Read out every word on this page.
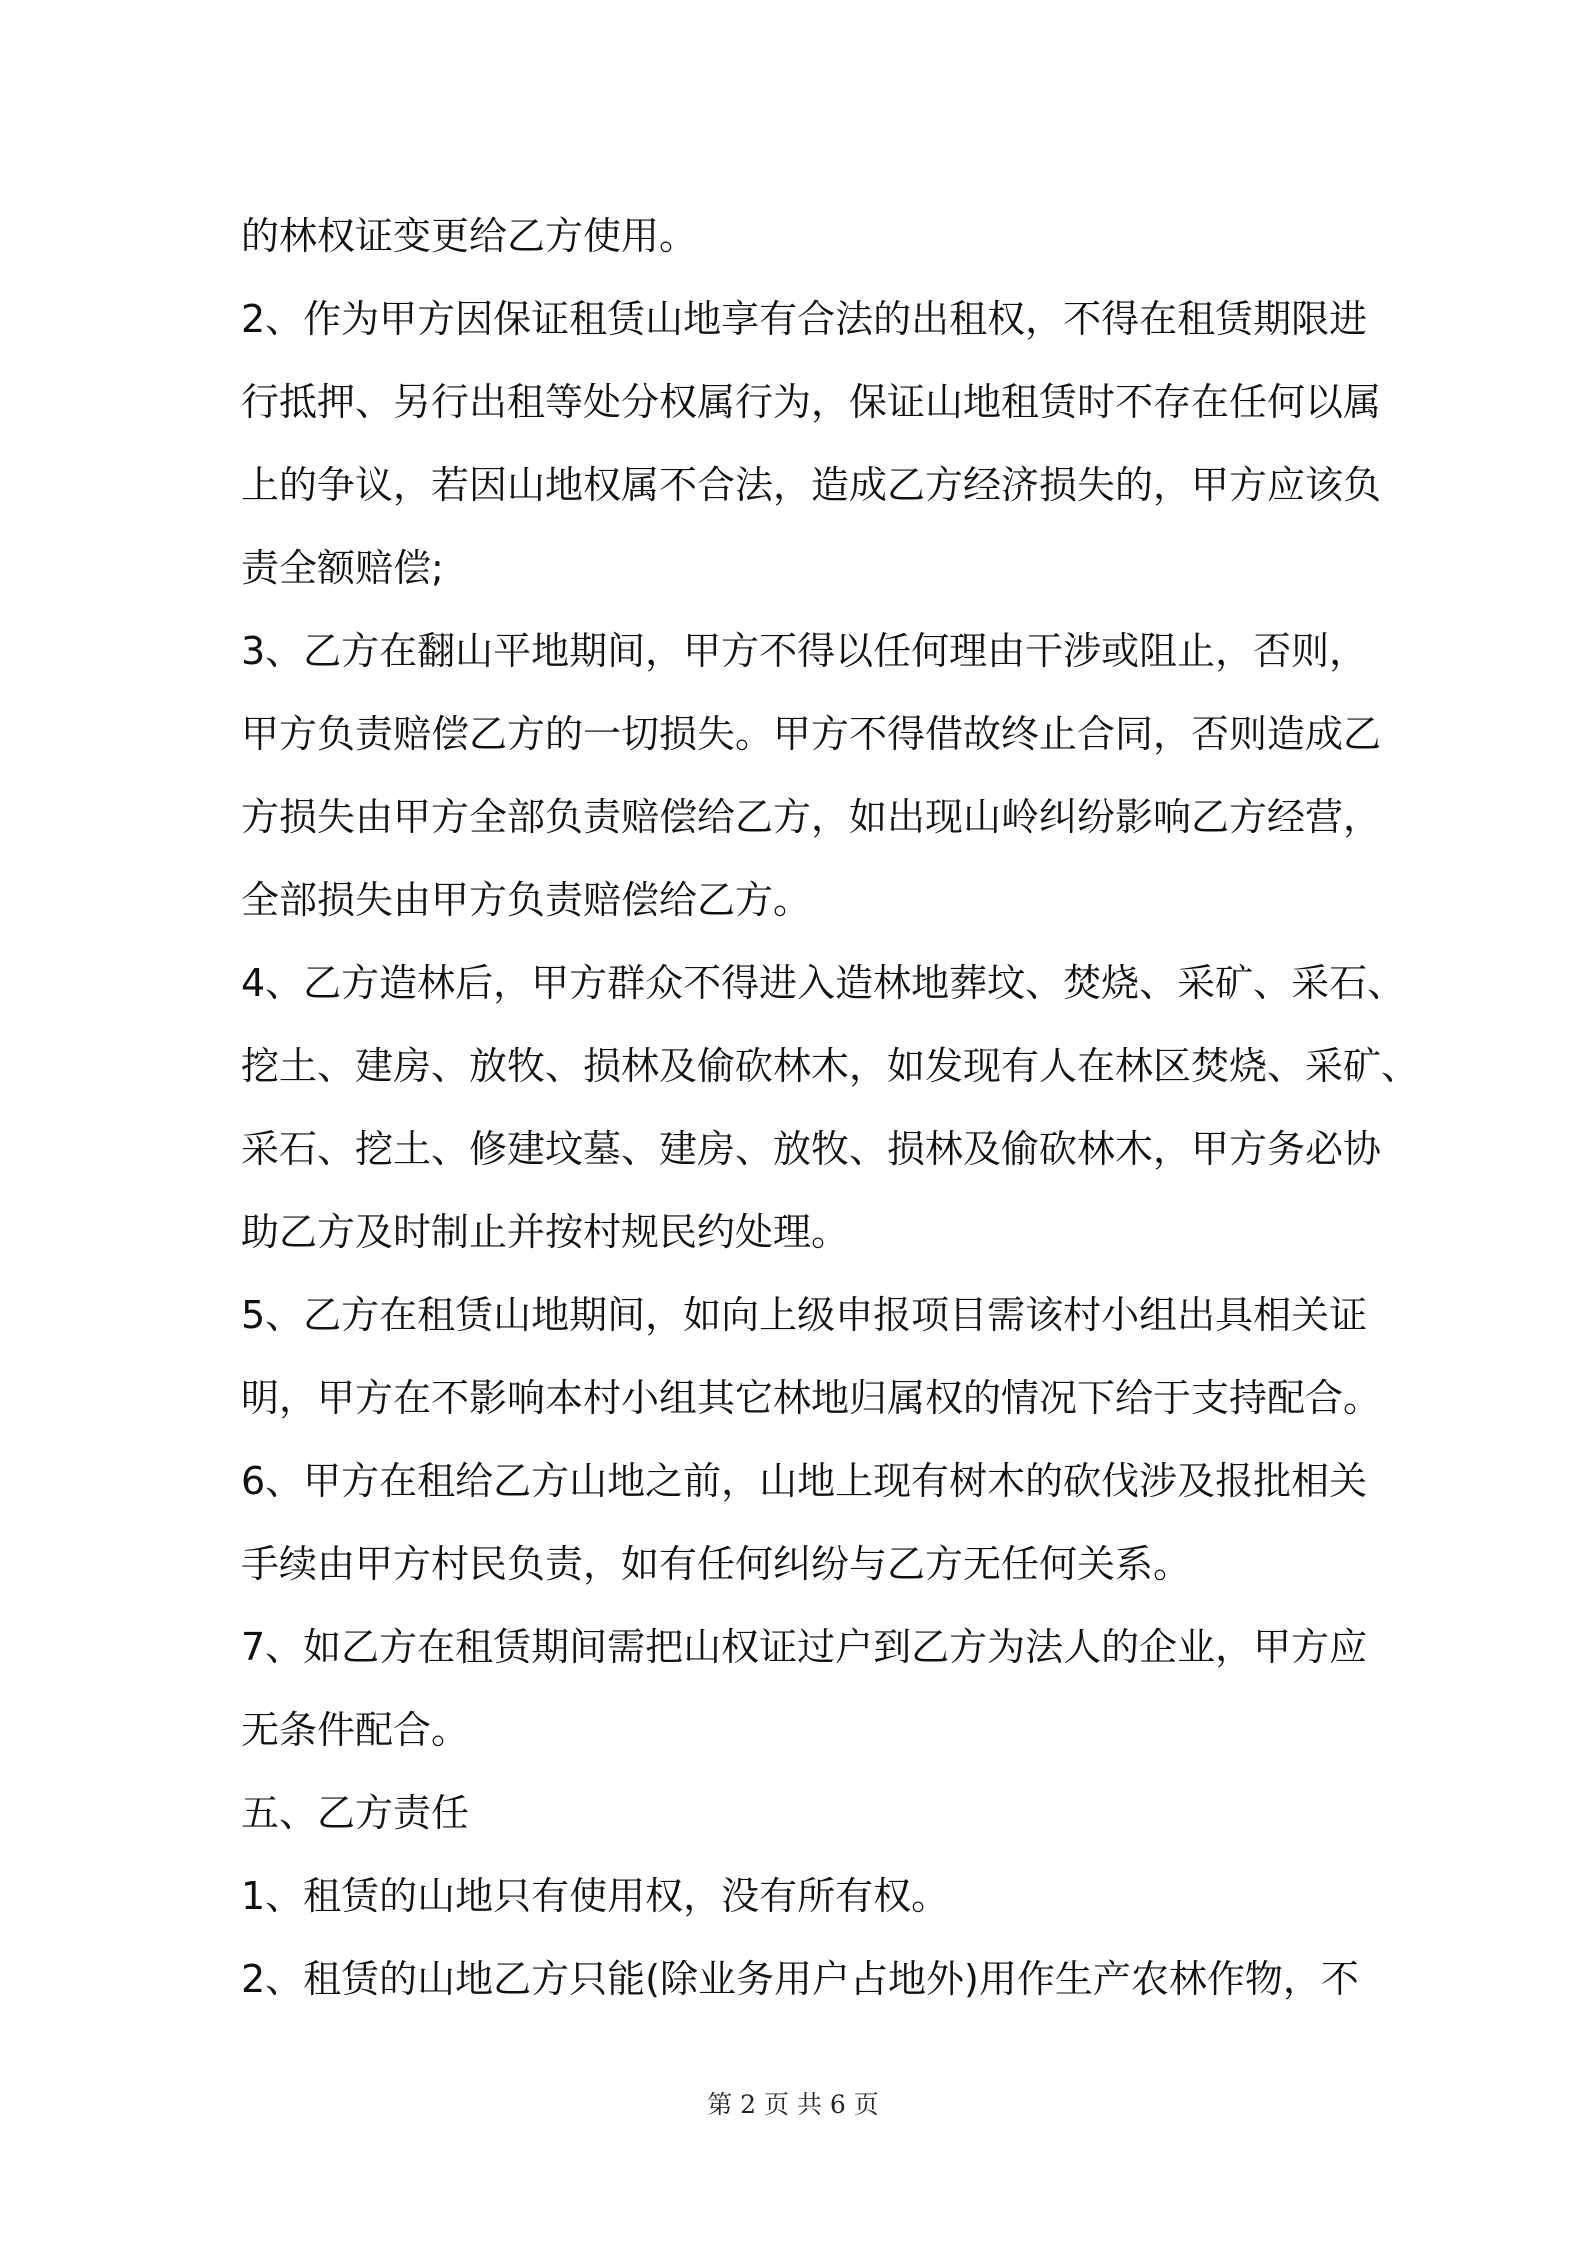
的林权证变更给乙方使用。
2、作为甲方因保证租赁山地享有合法的出租权，不得在租赁期限进
行抵押、另行出租等处分权属行为，保证山地租赁时不存在任何以属
上的争议，若因山地权属不合法，造成乙方经济损失的，甲方应该负
责全额赔偿;
3、乙方在翻山平地期间，甲方不得以任何理由干涉或阻止，否则，
甲方负责赔偿乙方的一切损失。甲方不得借故终止合同，否则造成乙
方损失由甲方全部负责赔偿给乙方，如出现山岭纠纷影响乙方经营，
全部损失由甲方负责赔偿给乙方。
4、乙方造林后，甲方群众不得进入造林地葬坟、焚烧、采矿、采石、
挖土、建房、放牧、损林及偷砍林木，如发现有人在林区焚烧、采矿、
采石、挖土、修建坟墓、建房、放牧、损林及偷砍林木，甲方务必协
助乙方及时制止并按村规民约处理。
5、乙方在租赁山地期间，如向上级申报项目需该村小组出具相关证
明，甲方在不影响本村小组其它林地归属权的情况下给于支持配合。
6、甲方在租给乙方山地之前，山地上现有树木的砍伐涉及报批相关
手续由甲方村民负责，如有任何纠纷与乙方无任何关系。
7、如乙方在租赁期间需把山权证过户到乙方为法人的企业，甲方应
无条件配合。
五、乙方责任
1、租赁的山地只有使用权，没有所有权。
2、租赁的山地乙方只能(除业务用户占地外)用作生产农林作物，不
第 2 页 共 6 页
